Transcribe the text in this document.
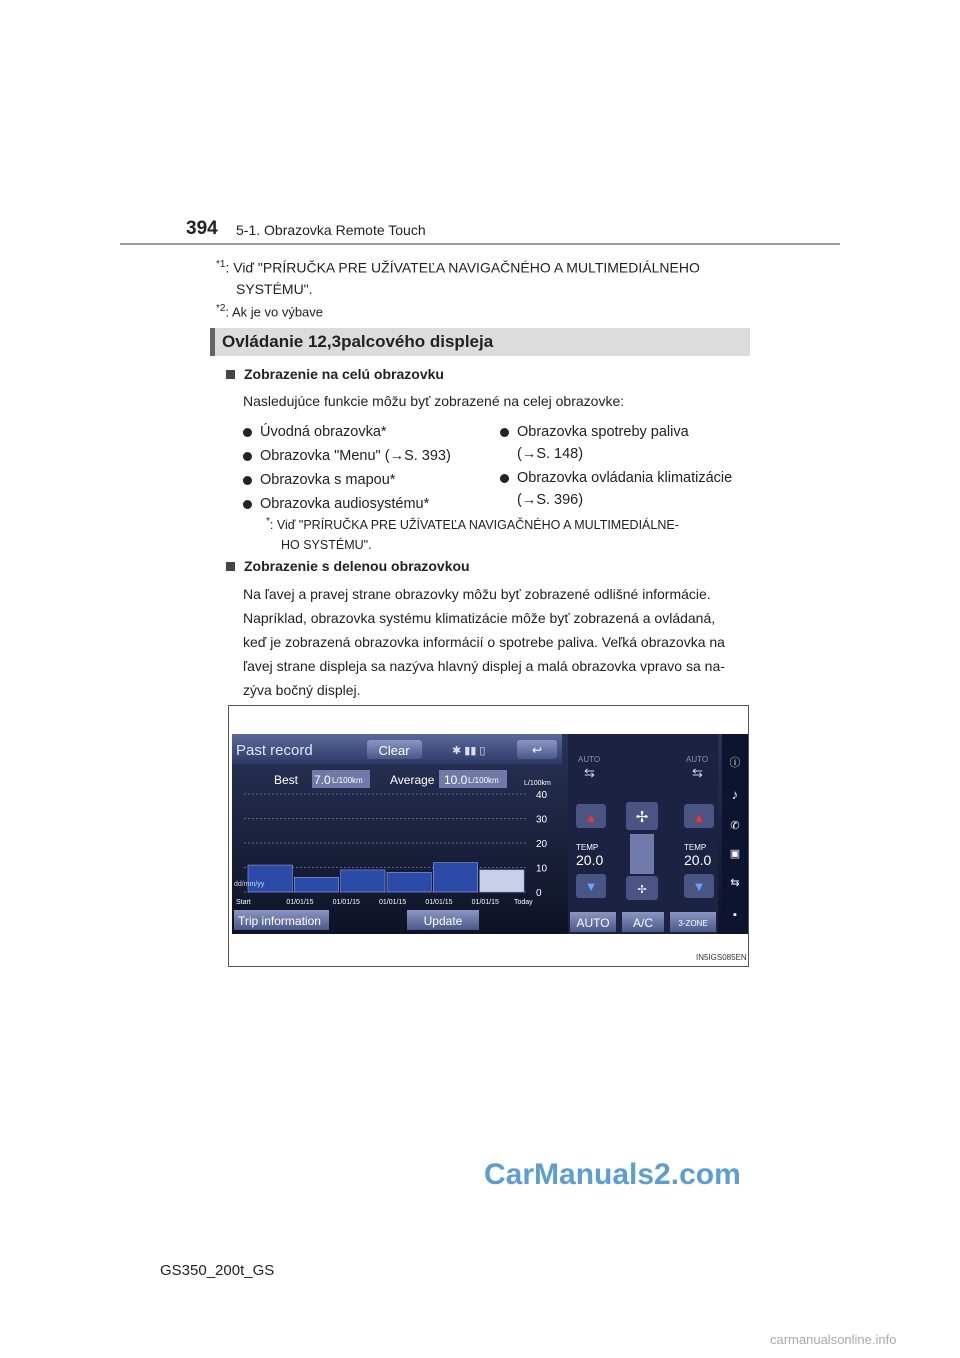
394 5-1. Obrazovka Remote Touch
$^{*1}$: Viď "PRÍRUČKA PRE UŽÍVATEĽA NAVIGAČNÉHO A MULTIMEDIÁLNEHO
SYSTÉMU".
$^{*2}$: Ak je vo výbave
Ovládanie 12,3palcového displeja
Zobrazenie na celú obrazovku
Nasledujúce funkcie môžu byť zobrazené na celej obrazovke:
Úvodná obrazovka*
Obrazovka "Menu" (→S. 393)
Obrazovka s mapou*
Obrazovka audiosystému*
Obrazovka spotreby paliva
(→S. 148)
Obrazovka ovládania klimatizácie
(→S. 396)
*: Viď "PRÍRUČKA PRE UŽÍVATEĽA NAVIGAČNÉHO A MULTIMEDIÁLNE-
HO SYSTÉMU".
Zobrazenie s delenou obrazovkou
Na ľavej a pravej strane obrazovky môžu byť zobrazené odlišné informácie.
Napríklad, obrazovka systému klimatizácie môže byť zobrazená a ovládaná,
keď je zobrazená obrazovka informácií o spotrebe paliva. Veľká obrazovka na
ľavej strane displeja sa nazýva hlavný displej a malá obrazovka vpravo sa na-
zýva bočný displej.
Past record	Clear	✱ ▮▮ ▯	↩
Best 7.0 L/100km Average 10.0 L/100km	L/100km
40
30
20
10
0
dd/mm/yy
Start	01/01/15	01/01/15	01/01/15	01/01/15	01/01/15 Today
Trip information	Update
AUTO	AUTO
⇆	⇆
▲	▲
TEMP
20.0
TEMP
20.0
▼	▼
✢
✢
AUTO A/C	3-ZONE
ⓘ
♪
✆
▣
⇆
▪
IN5IGS085EN
GS350_200t_GS
CarManuals2.com
carmanualsonline.info
